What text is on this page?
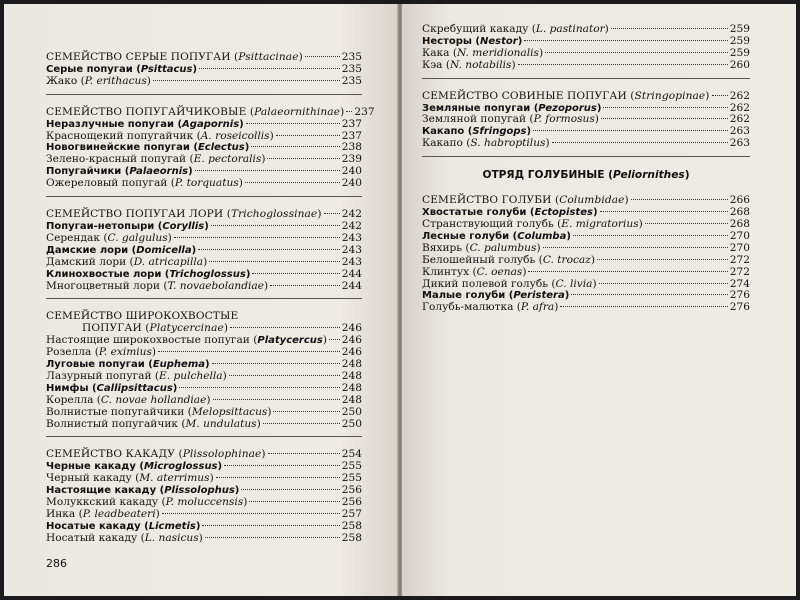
СЕМЕЙСТВО СЕРЫЕ ПОПУГАИ (Psittacinae)	235
Серые попугаи (Psittacus)	235
Жако (P. erithacus)	235
СЕМЕЙСТВО ПОПУГАЙЧИКОВЫЕ (Palaeornithinae) 237
Неразлучные попугаи (Agapornis)	237
Краснощекий попугайчик (A. roseicollis)	237
Новогвинейские попугаи (Eclectus)	238
Зелено-красный попугай (E. pectoralis)	239
Попугайчики (Palaeornis)	240
Ожереловый попугай (P. torquatus)	240
СЕМЕЙСТВО ПОПУГАИ ЛОРИ (Trichoglossinae) 242
Попугаи-нетопыри (Coryllis)	242
Серендак (C. galgulus)	243
Дамские лори (Domicella)	243
Дамский лори (D. atricapilla)	243
Клинохвостые лори (Trichoglossus)	244
Многоцветный лори (T. novaebolandiae)	244
СЕМЕЙСТВО ШИРОКОХВОСТЫЕ
ПОПУГАИ (Platycercinae)	246
Настоящие широкохвостые попугаи (Platycercus) 246
Розелла (P. eximius)	246
Луговые попугаи (Euphema)	248
Лазурный попугай (E. pulchella)	248
Нимфы (Callipsittacus)	248
Корелла (C. novae hollandiae)	248
Волнистые попугайчики (Melopsittacus)	250
Волнистый попугайчик (M. undulatus)	250
СЕМЕЙСТВО КАКАДУ (Plissolophinae)	254
Черные какаду (Microglossus)	255
Черный какаду (M. aterrimus)	255
Настоящие какаду (Plissolophus)	256
Молуккский какаду (P. moluccensis)	256
Инка (P. leadbeateri)	257
Носатые какаду (Licmetis)	258
Носатый какаду (L. nasicus)	258
286
Скребущий какаду (L. pastinator)	259
Несторы (Nestor)	259
Кака (N. meridionalis)	259
Кэа (N. notabilis)	260
СЕМЕЙСТВО СОВИНЫЕ ПОПУГАИ (Stringopinae) 262
Земляные попугаи (Pezoporus)	262
Земляной попугай (P. formosus)	262
Какапо (Sfringops)	263
Какапо (S. habroptilus)	263
ОТРЯД ГОЛУБИНЫЕ (Peliornithes)
СЕМЕЙСТВО ГОЛУБИ (Columbidae)	266
Хвостатые голуби (Ectopistes)	268
Странствующий голубь (E. migratorius)	268
Лесные голуби (Columba)	270
Вяхирь (C. palumbus)	270
Белошейный голубь (C. trocaz)	272
Клинтух (C. oenas)	272
Дикий полевой голубь (C. livia)	274
Малые голуби (Peristera)	276
Голубь-малютка (P. afra)	276
